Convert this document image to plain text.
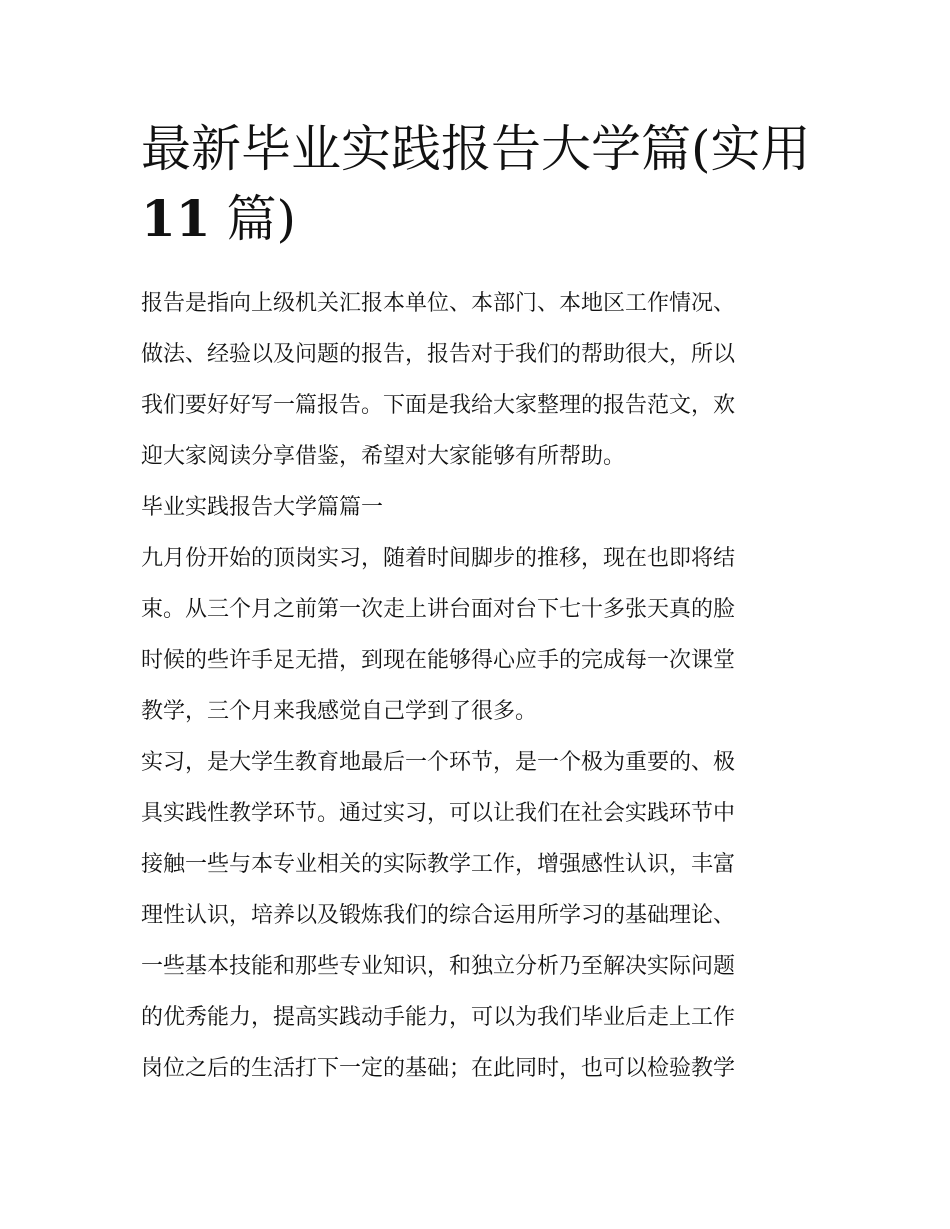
最新毕业实践报告大学篇(实用
11 篇)

报告是指向上级机关汇报本单位、本部门、本地区工作情况、

做法、经验以及问题的报告，报告对于我们的帮助很大，所以

我们要好好写一篇报告。下面是我给大家整理的报告范文，欢

迎大家阅读分享借鉴，希望对大家能够有所帮助。

毕业实践报告大学篇篇一

九月份开始的顶岗实习，随着时间脚步的推移，现在也即将结

束。从三个月之前第一次走上讲台面对台下七十多张天真的脸

时候的些许手足无措，到现在能够得心应手的完成每一次课堂

教学，三个月来我感觉自己学到了很多。

实习，是大学生教育地最后一个环节，是一个极为重要的、极

具实践性教学环节。通过实习，可以让我们在社会实践环节中

接触一些与本专业相关的实际教学工作，增强感性认识，丰富

理性认识，培养以及锻炼我们的综合运用所学习的基础理论、

一些基本技能和那些专业知识，和独立分析乃至解决实际问题

的优秀能力，提高实践动手能力，可以为我们毕业后走上工作

岗位之后的生活打下一定的基础；在此同时，也可以检验教学
